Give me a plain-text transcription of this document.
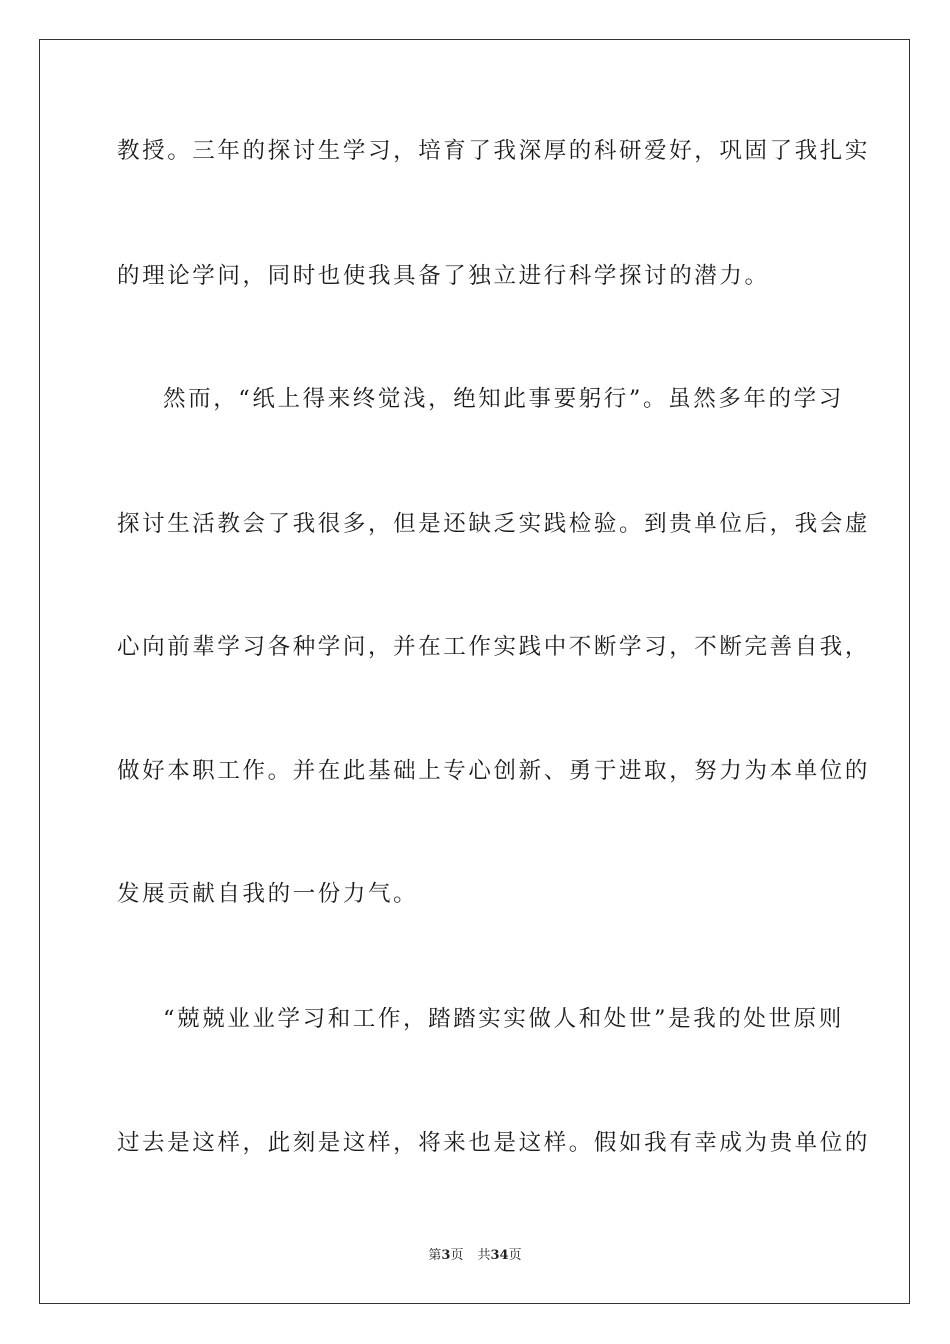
教授。三年的探讨生学习，培育了我深厚的科研爱好，巩固了我扎实

的理论学问，同时也使我具备了独立进行科学探讨的潜力。

然而，“纸上得来终觉浅，绝知此事要躬行”。虽然多年的学习

探讨生活教会了我很多，但是还缺乏实践检验。到贵单位后，我会虚

心向前辈学习各种学问，并在工作实践中不断学习，不断完善自我，

做好本职工作。并在此基础上专心创新、勇于进取，努力为本单位的

发展贡献自我的一份力气。

“兢兢业业学习和工作，踏踏实实做人和处世”是我的处世原则

过去是这样，此刻是这样，将来也是这样。假如我有幸成为贵单位的

第3页 共34页
